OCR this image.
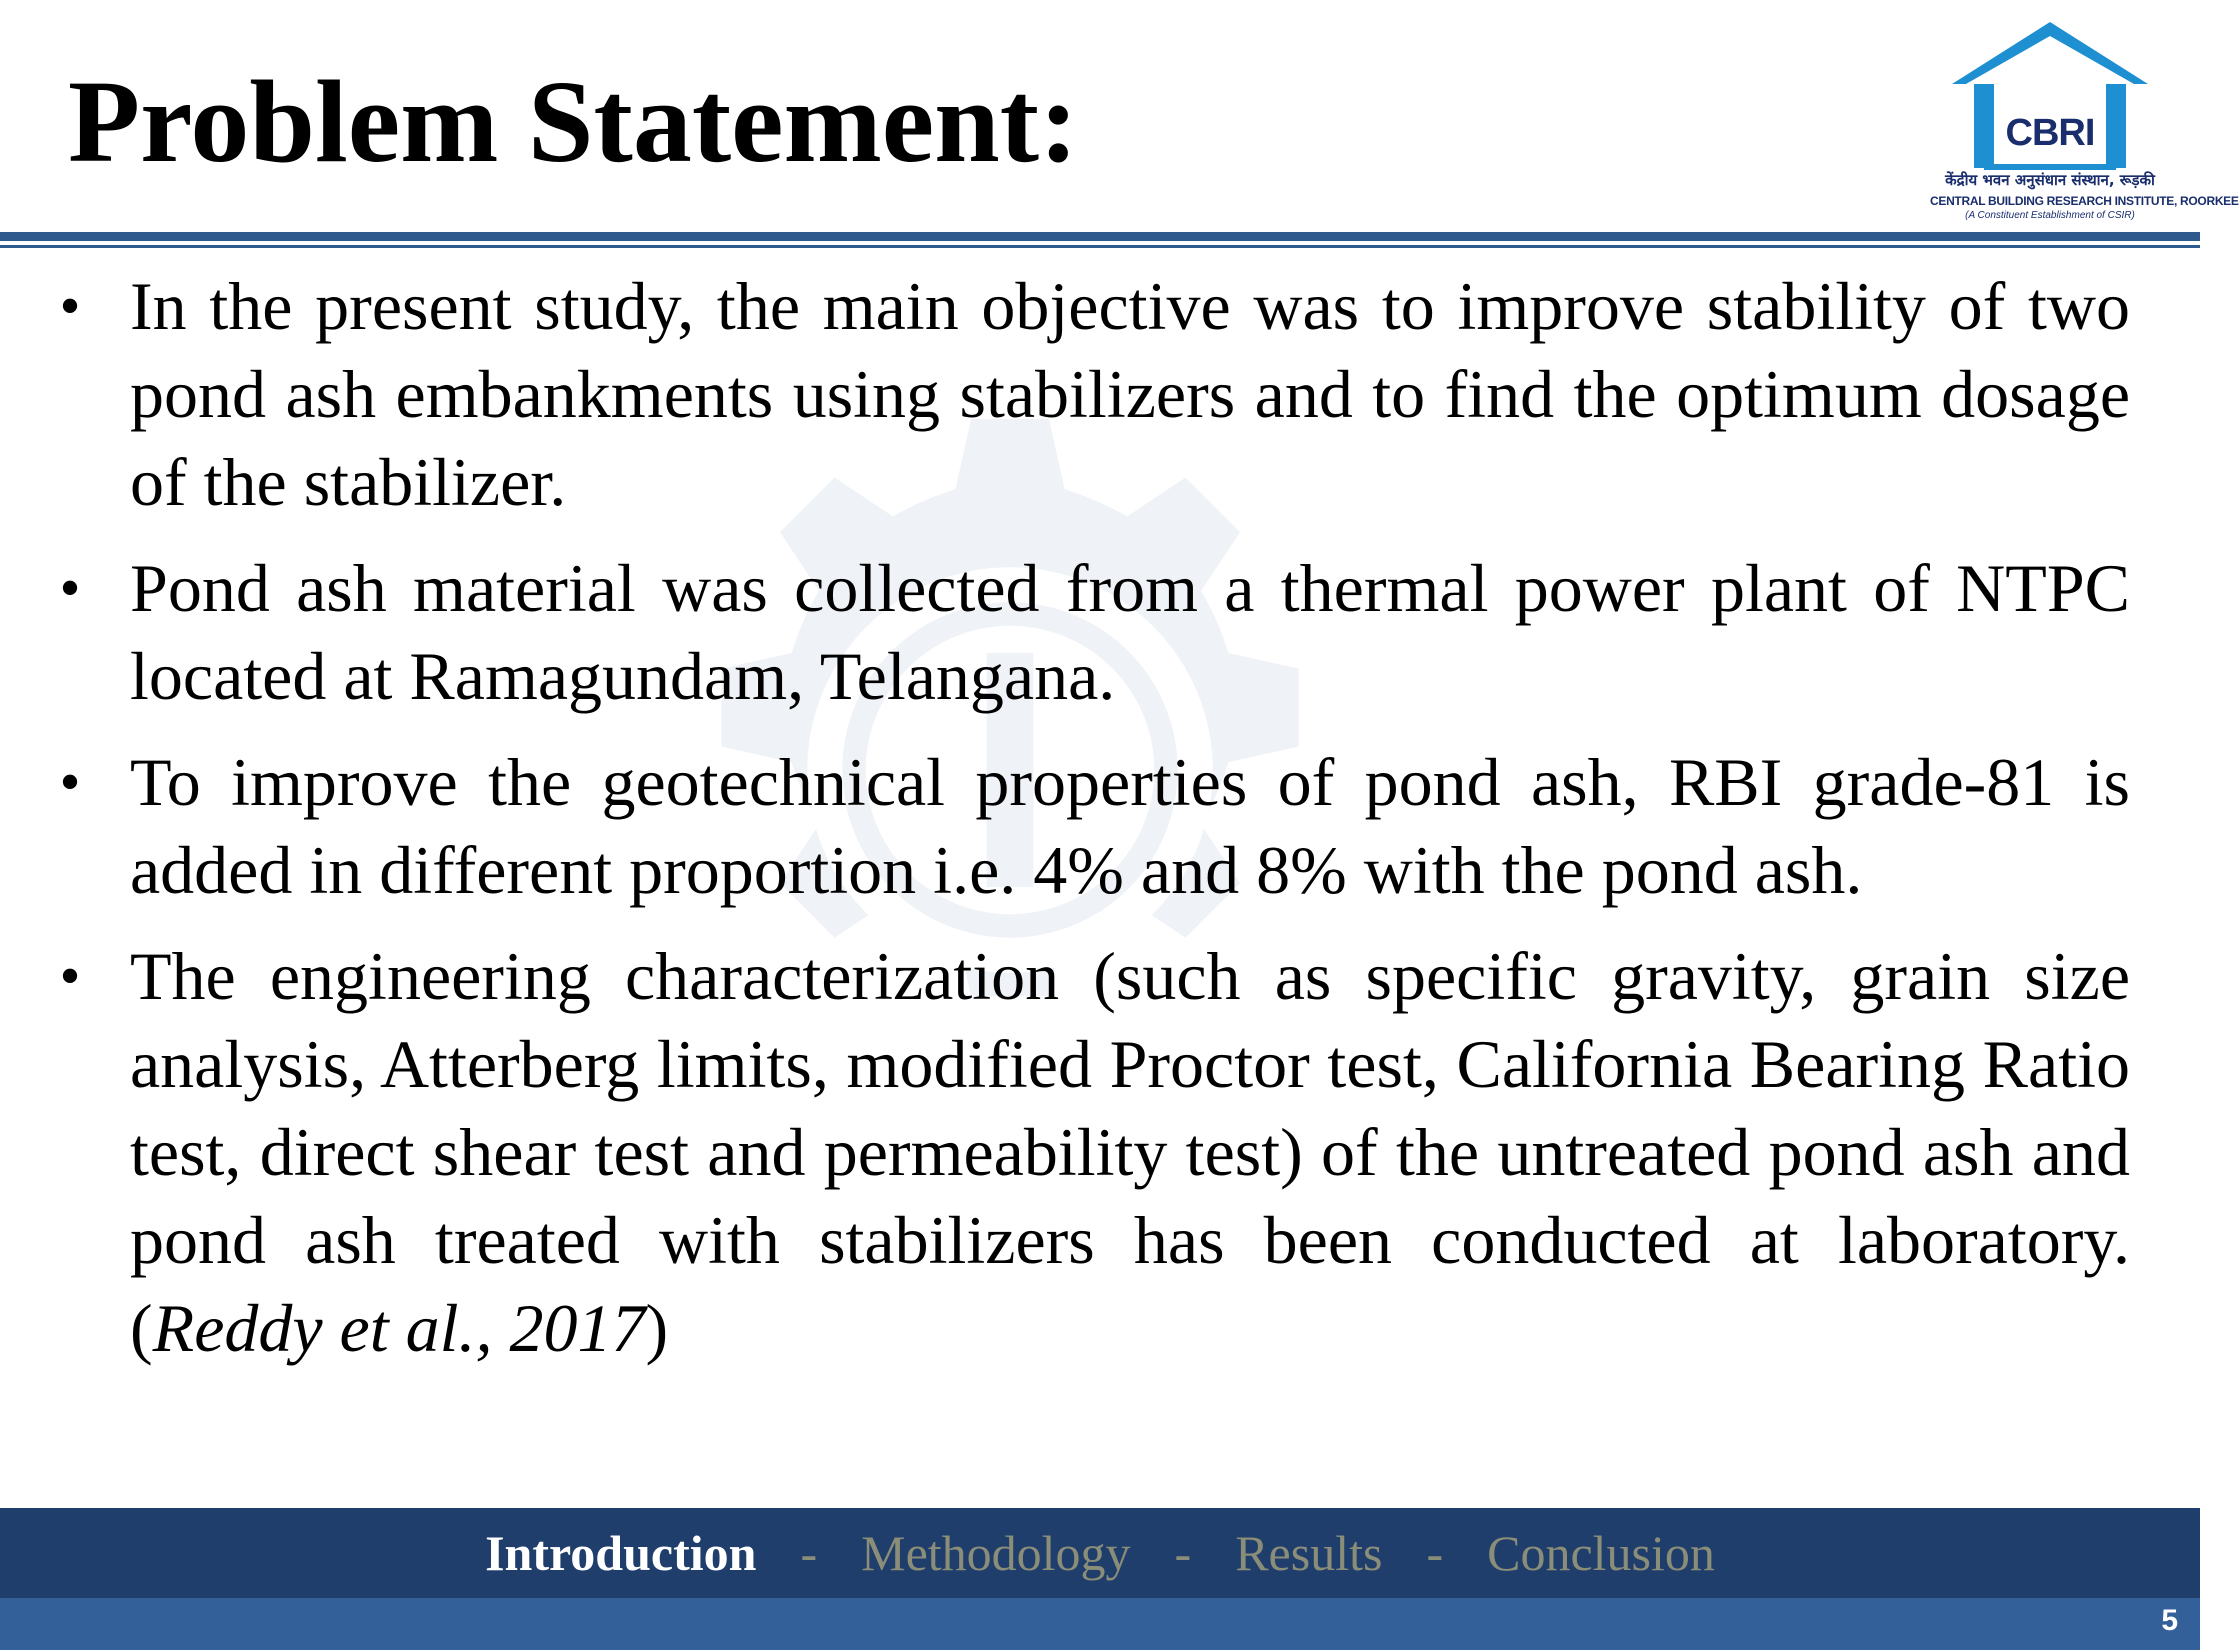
Problem Statement:	CBRI
केंद्रीय भवन अनुसंधान संस्थान, रूड़की
CENTRAL BUILDING RESEARCH INSTITUTE, ROORKEE
(A Constituent Establishment of CSIR)
• In the present study, the main objective was to improve stability of two pond ash embankments using stabilizers and to find the optimum dosage of the stabilizer.
• Pond ash material was collected from a thermal power plant of NTPC located at Ramagundam, Telangana.
• To improve the geotechnical properties of pond ash, RBI grade-81 is added in different proportion i.e. 4% and 8% with the pond ash.
• The engineering characterization (such as specific gravity, grain size analysis, Atterberg limits, modified Proctor test, California Bearing Ratio test, direct shear test and permeability test) of the untreated pond ash and pond ash treated with stabilizers has been conducted at laboratory. (Reddy et al., 2017)
Introduction - Methodology - Results - Conclusion
5
